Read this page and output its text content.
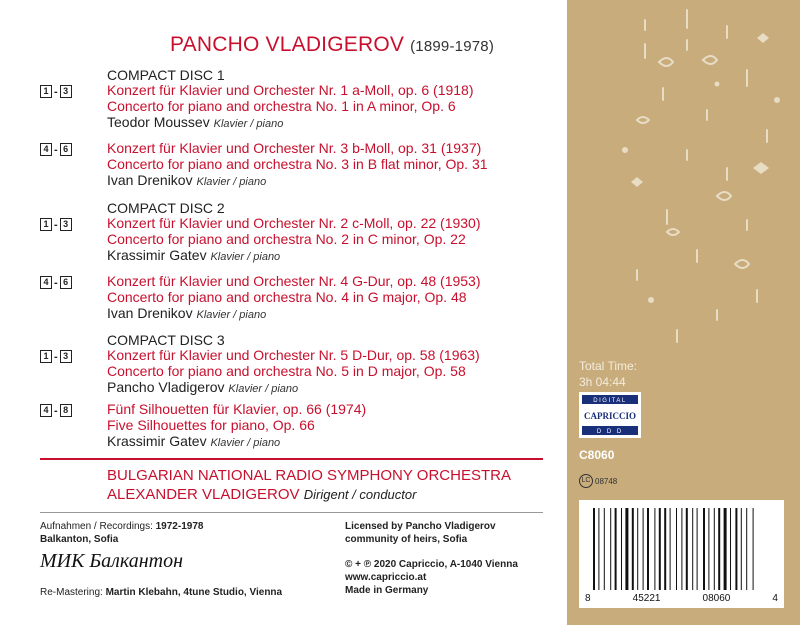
PANCHO VLADIGEROV (1899-1978)
COMPACT DISC 1
1 - 3	Konzert für Klavier und Orchester Nr. 1 a-Moll, op. 6 (1918)
Concerto for piano and orchestra No. 1 in A minor, Op. 6
Teodor Moussev Klavier / piano
4 - 6	Konzert für Klavier und Orchester Nr. 3 b-Moll, op. 31 (1937)
Concerto for piano and orchestra No. 3 in B flat minor, Op. 31
Ivan Drenikov Klavier / piano
COMPACT DISC 2
1 - 3	Konzert für Klavier und Orchester Nr. 2 c-Moll, op. 22 (1930)
Concerto for piano and orchestra No. 2 in C minor, Op. 22
Krassimir Gatev Klavier / piano
4 - 6	Konzert für Klavier und Orchester Nr. 4 G-Dur, op. 48 (1953)
Concerto for piano and orchestra No. 4 in G major, Op. 48
Ivan Drenikov Klavier / piano
COMPACT DISC 3
1 - 3	Konzert für Klavier und Orchester Nr. 5 D-Dur, op. 58 (1963)
Concerto for piano and orchestra No. 5 in D major, Op. 58
Pancho Vladigerov Klavier / piano
4 - 8	Fünf Silhouetten für Klavier, op. 66 (1974)
Five Silhouettes for piano, Op. 66
Krassimir Gatev Klavier / piano
BULGARIAN NATIONAL RADIO SYMPHONY ORCHESTRA
ALEXANDER VLADIGEROV Dirigent / conductor
Aufnahmen / Recordings: 1972-1978
Balkanton, Sofia
МИК Балкантон
Re-Mastering: Martin Klebahn, 4tune Studio, Vienna
Licensed by Pancho Vladigerov
community of heirs, Sofia
© + ℗ 2020 Capriccio, A-1040 Vienna
www.capriccio.at
Made in Germany
Total Time:
3h 04:44
DIGITAL
CAPRICCIO
D D D
C8060
LC 08748
8	45221	08060	4
